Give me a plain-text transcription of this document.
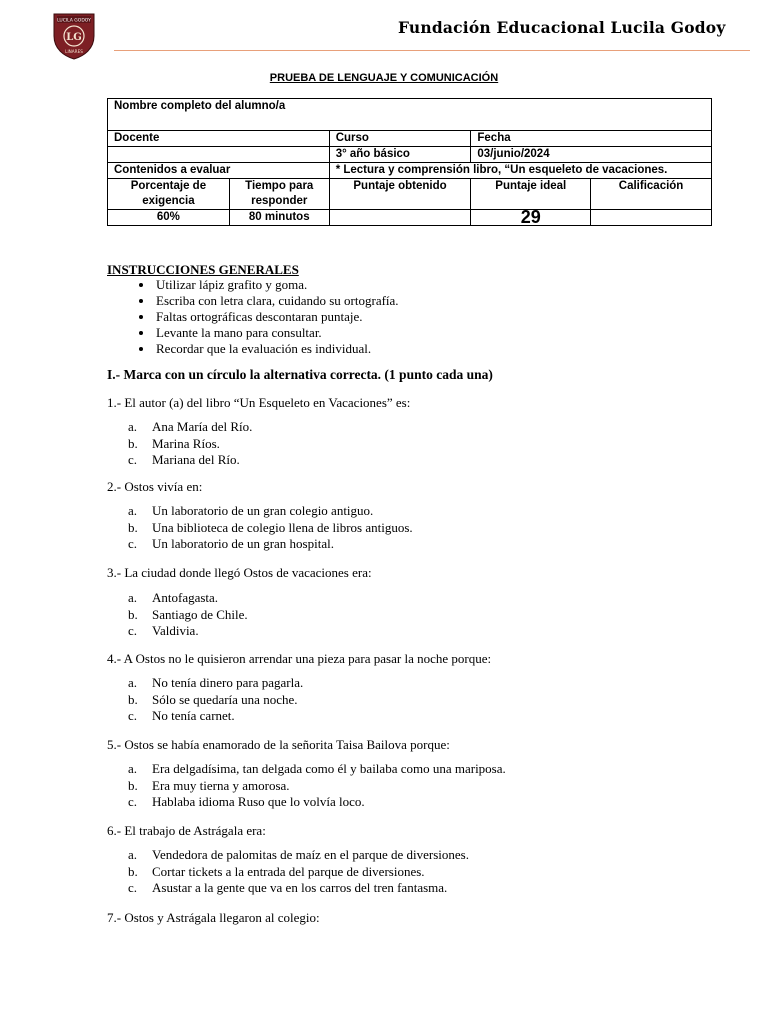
LUCILA GODOY
LG
LINARES
Fundación Educacional Lucila Godoy
PRUEBA DE LENGUAJE Y COMUNICACIÓN
Nombre completo del alumno/a				
Docente		Curso	Fecha	
		3° año básico	03/junio/2024	
Contenidos a evaluar		* Lectura y comprensión libro, “Un esqueleto de vacaciones.		
Porcentaje de exigencia	Tiempo para responder	Puntaje obtenido	Puntaje ideal	Calificación
60%	80 minutos		29	
INSTRUCCIONES GENERALES
• Utilizar lápiz grafito y goma.
• Escriba con letra clara, cuidando su ortografía.
• Faltas ortográficas descontaran puntaje.
• Levante la mano para consultar.
• Recordar que la evaluación es individual.
I.- Marca con un círculo la alternativa correcta. (1 punto cada una)
1.- El autor (a) del libro “Un Esqueleto en Vacaciones” es:
a. Ana María del Río.
b. Marina Ríos.
c. Mariana del Río.
2.- Ostos vivía en:
a. Un laboratorio de un gran colegio antiguo.
b. Una biblioteca de colegio llena de libros antiguos.
c. Un laboratorio de un gran hospital.
3.- La ciudad donde llegó Ostos de vacaciones era:
a. Antofagasta.
b. Santiago de Chile.
c. Valdivia.
4.- A Ostos no le quisieron arrendar una pieza para pasar la noche porque:
a. No tenía dinero para pagarla.
b. Sólo se quedaría una noche.
c. No tenía carnet.
5.- Ostos se había enamorado de la señorita Taisa Bailova porque:
a. Era delgadísima, tan delgada como él y bailaba como una mariposa.
b. Era muy tierna y amorosa.
c. Hablaba idioma Ruso que lo volvía loco.
6.- El trabajo de Astrágala era:
a. Vendedora de palomitas de maíz en el parque de diversiones.
b. Cortar tickets a la entrada del parque de diversiones.
c. Asustar a la gente que va en los carros del tren fantasma.
7.- Ostos y Astrágala llegaron al colegio:
